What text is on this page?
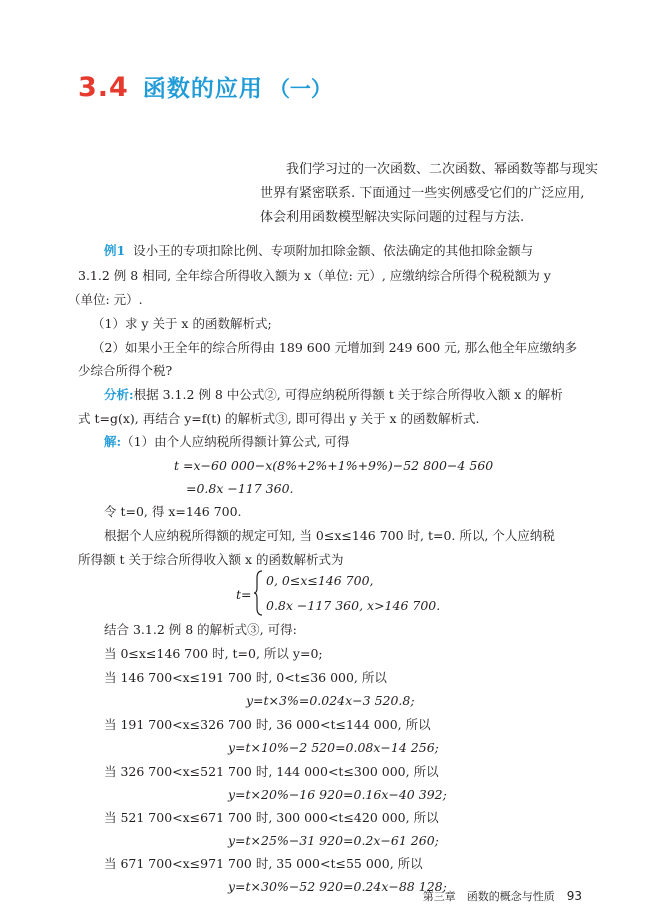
3.4 函数的应用 （一）
我们学习过的一次函数、二次函数、幂函数等都与现实
世界有紧密联系. 下面通过一些实例感受它们的广泛应用,
体会利用函数模型解决实际问题的过程与方法.
例1 设小王的专项扣除比例、专项附加扣除金额、依法确定的其他扣除金额与
3.1.2 例 8 相同, 全年综合所得收入额为 x（单位: 元）, 应缴纳综合所得个税税额为 y
（单位: 元）.
（1）求 y 关于 x 的函数解析式;
（2）如果小王全年的综合所得由 189 600 元增加到 249 600 元, 那么他全年应缴纳多
少综合所得个税?
分析:根据 3.1.2 例 8 中公式②, 可得应纳税所得额 t 关于综合所得收入额 x 的解析
式 t=g(x), 再结合 y=f(t) 的解析式③, 即可得出 y 关于 x 的函数解析式.
解:（1）由个人应纳税所得额计算公式, 可得
t =x−60 000−x(8%+2%+1%+9%)−52 800−4 560
=0.8x −117 360.
令 t=0, 得 x=146 700.
根据个人应纳税所得额的规定可知, 当 0≤x≤146 700 时, t=0. 所以, 个人应纳税
所得额 t 关于综合所得收入额 x 的函数解析式为
t=
0, 0≤x≤146 700,
0.8x −117 360, x>146 700.
结合 3.1.2 例 8 的解析式③, 可得:
当 0≤x≤146 700 时, t=0, 所以 y=0;
当 146 700<x≤191 700 时, 0<t≤36 000, 所以
y=t×3%=0.024x−3 520.8;
当 191 700<x≤326 700 时, 36 000<t≤144 000, 所以
y=t×10%−2 520=0.08x−14 256;
当 326 700<x≤521 700 时, 144 000<t≤300 000, 所以
y=t×20%−16 920=0.16x−40 392;
当 521 700<x≤671 700 时, 300 000<t≤420 000, 所以
y=t×25%−31 920=0.2x−61 260;
当 671 700<x≤971 700 时, 35 000<t≤55 000, 所以
y=t×30%−52 920=0.24x−88 128;
第三章　函数的概念与性质 93
